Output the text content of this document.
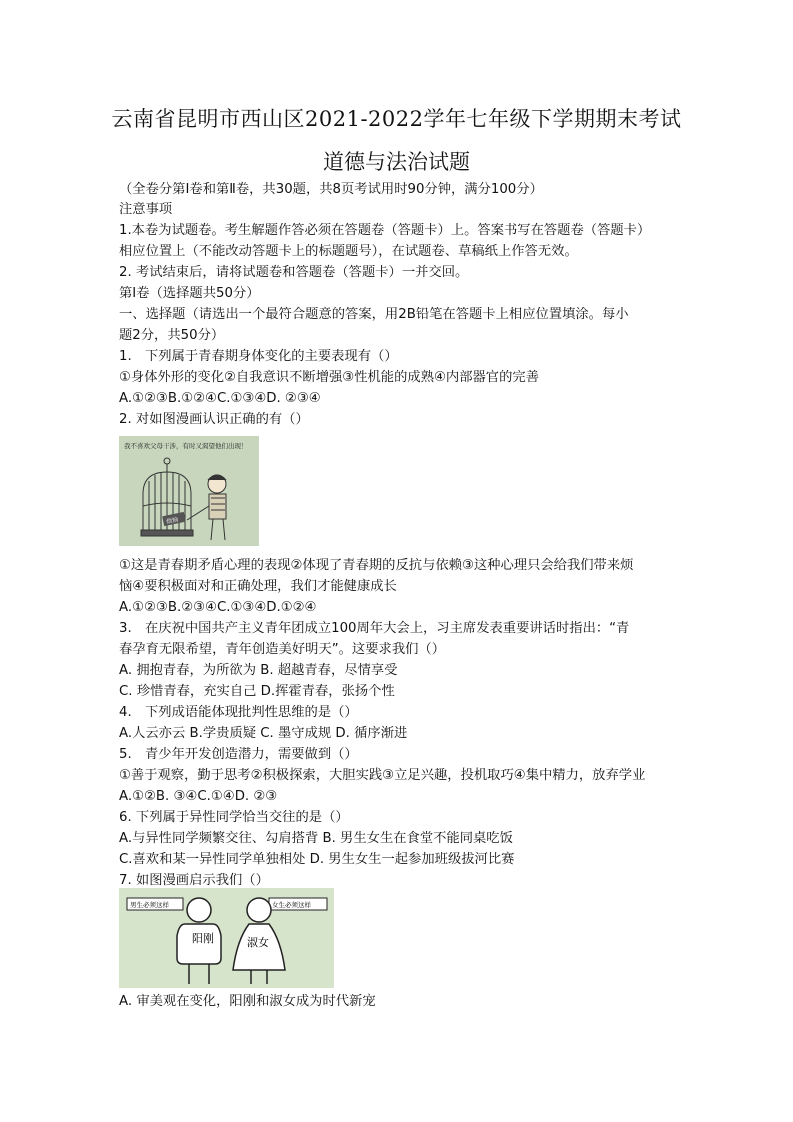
云南省昆明市西山区2021-2022学年七年级下学期期末考试
道德与法治试题
（全卷分第Ⅰ卷和第Ⅱ卷，共30题，共8页考试用时90分钟，满分100分）
注意事项
1.本卷为试题卷。考生解题作答必须在答题卷（答题卡）上。答案书写在答题卷（答题卡）
相应位置上（不能改动答题卡上的标题题号），在试题卷、草稿纸上作答无效。
2. 考试结束后，请将试题卷和答题卷（答题卡）一并交回。
第Ⅰ卷（选择题共50分）
一、选择题（请选出一个最符合题意的答案，用2B铅笔在答题卡上相应位置填涂。每小
题2分，共50分）
1.　下列属于青春期身体变化的主要表现有（）
①身体外形的变化②自我意识不断增强③性机能的成熟④内部器官的完善
A.①②③B.①②④C.①③④D. ②③④
2. 对如图漫画认识正确的有（）
我不喜欢父母干涉，有时又渴望他们出现！
烦恼
①这是青春期矛盾心理的表现②体现了青春期的反抗与依赖③这种心理只会给我们带来烦
恼④要积极面对和正确处理，我们才能健康成长
A.①②③B.②③④C.①③④D.①②④
3.　在庆祝中国共产主义青年团成立100周年大会上，习主席发表重要讲话时指出：“青
春孕育无限希望，青年创造美好明天”。这要求我们（）
A. 拥抱青春，为所欲为 B. 超越青春，尽情享受
C. 珍惜青春，充实自己 D.挥霍青春，张扬个性
4.　下列成语能体现批判性思维的是（）
A.人云亦云 B.学贵质疑 C. 墨守成规 D. 循序渐进
5.　青少年开发创造潜力，需要做到（）
①善于观察，勤于思考②积极探索，大胆实践③立足兴趣，投机取巧④集中精力，放弃学业
A.①②B. ③④C.①④D. ②③
6. 下列属于异性同学恰当交往的是（）
A.与异性同学频繁交往、勾肩搭背 B. 男生女生在食堂不能同桌吃饭
C.喜欢和某一异性同学单独相处 D. 男生女生一起参加班级拔河比赛
7. 如图漫画启示我们（）
男生必须这样
阳刚
女生必须这样
淑女
A. 审美观在变化，阳刚和淑女成为时代新宠
